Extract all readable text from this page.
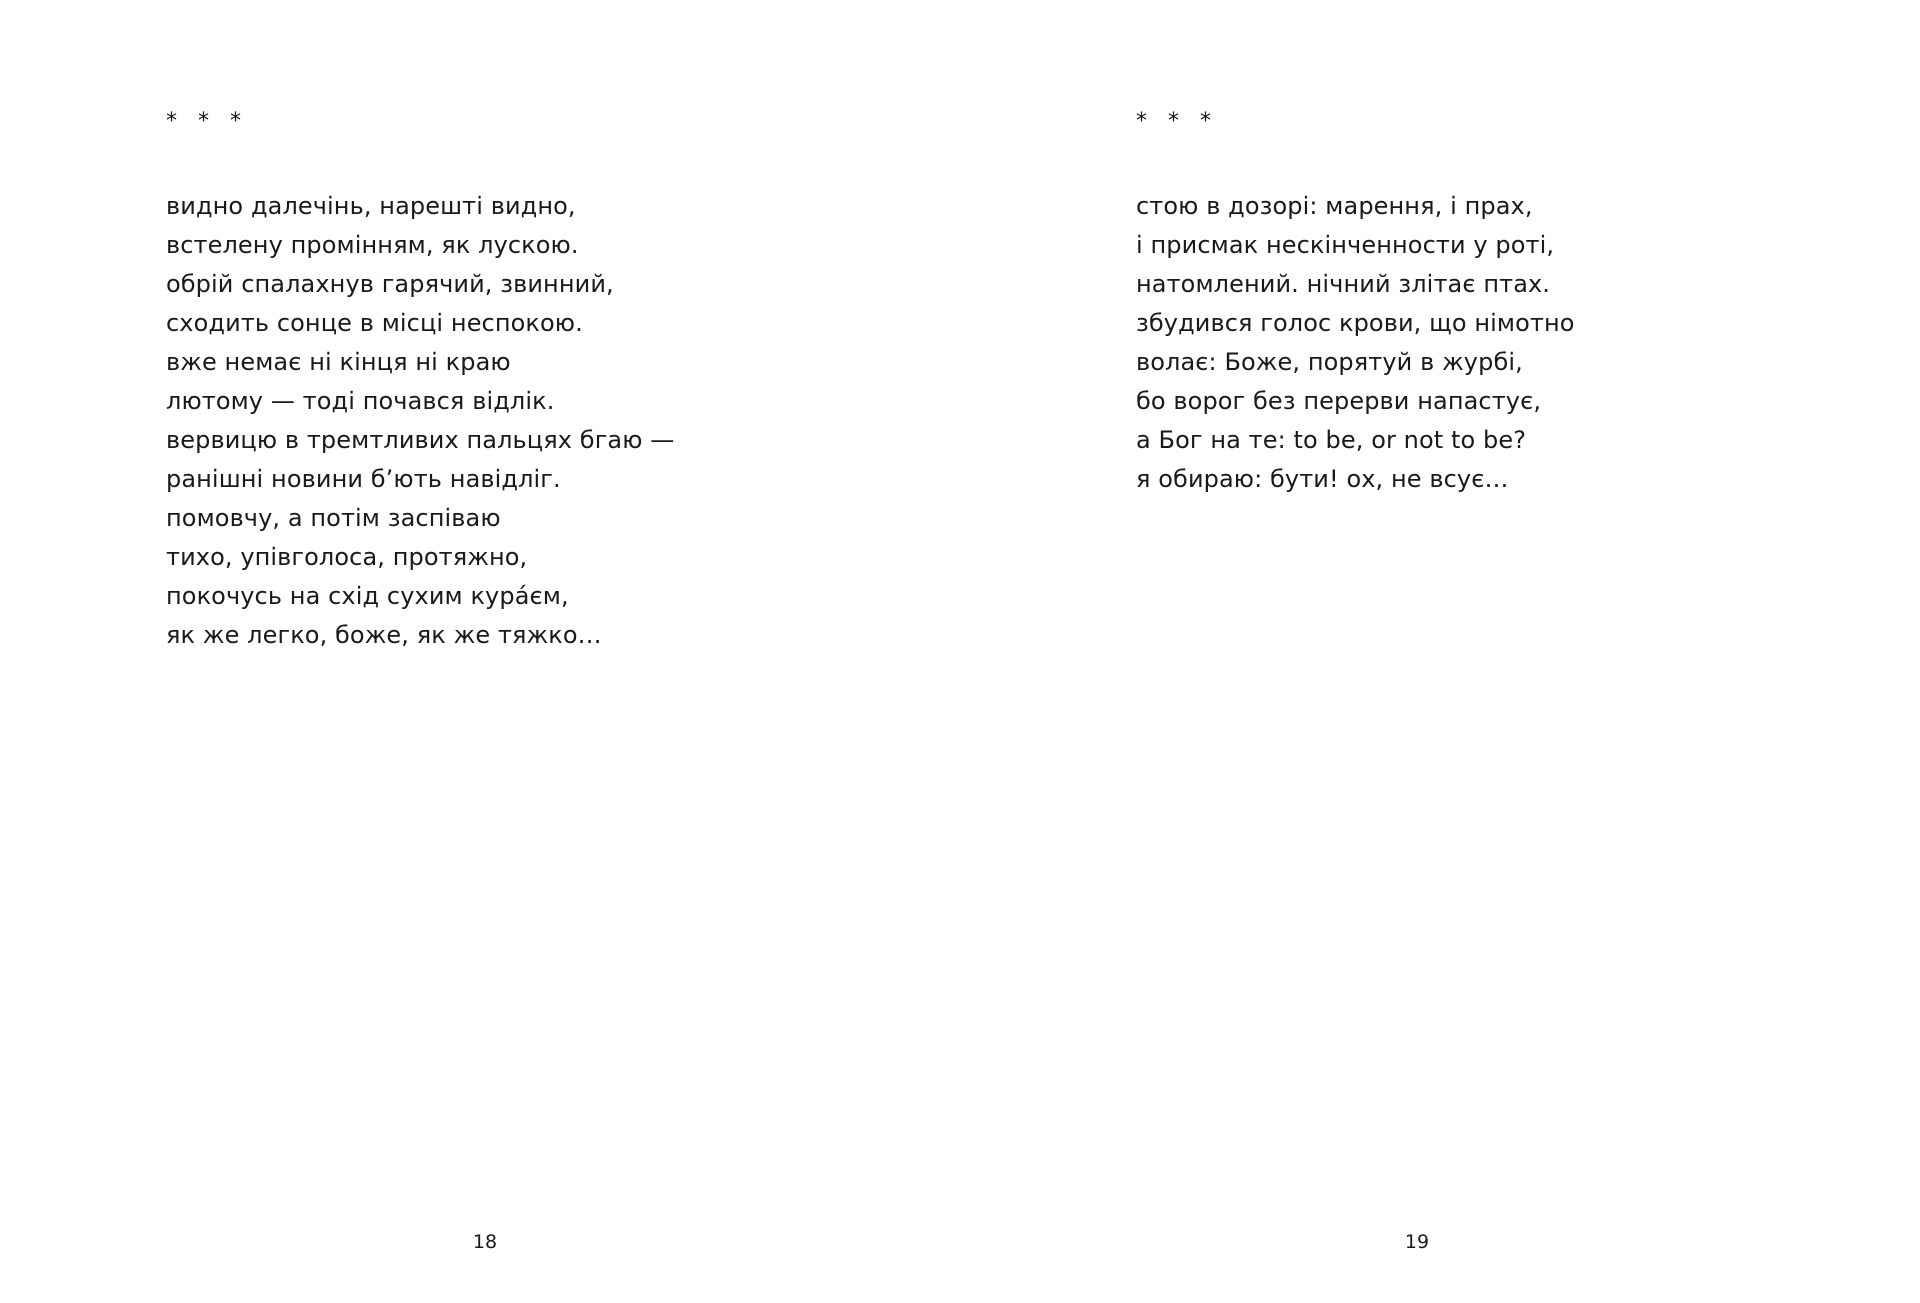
*   *   *
видно далечінь, нарешті видно,
встелену промінням, як лускою.
обрій спалахнув гарячий, звинний,
сходить сонце в місці неспокою.
вже немає ні кінця ні краю
лютому — тоді почався відлік.
вервицю в тремтливих пальцях бгаю —
ранішні новини б’ють навідліг.
помовчу, а потім заспіваю
тихо, упівголоса, протяжно,
покочусь на схід сухим курáєм,
як же легко, боже, як же тяжко…
18
*   *   *
стою в дозорі: марення, і прах,
і присмак нескінченности у роті,
натомлений. нічний злітає птах.
збудився голос крови, що німотно
волає: Боже, порятуй в журбі,
бо ворог без перерви напастує,
а Бог на те: to be, or not to be?
я обираю: бути! ох, не всує…
19
